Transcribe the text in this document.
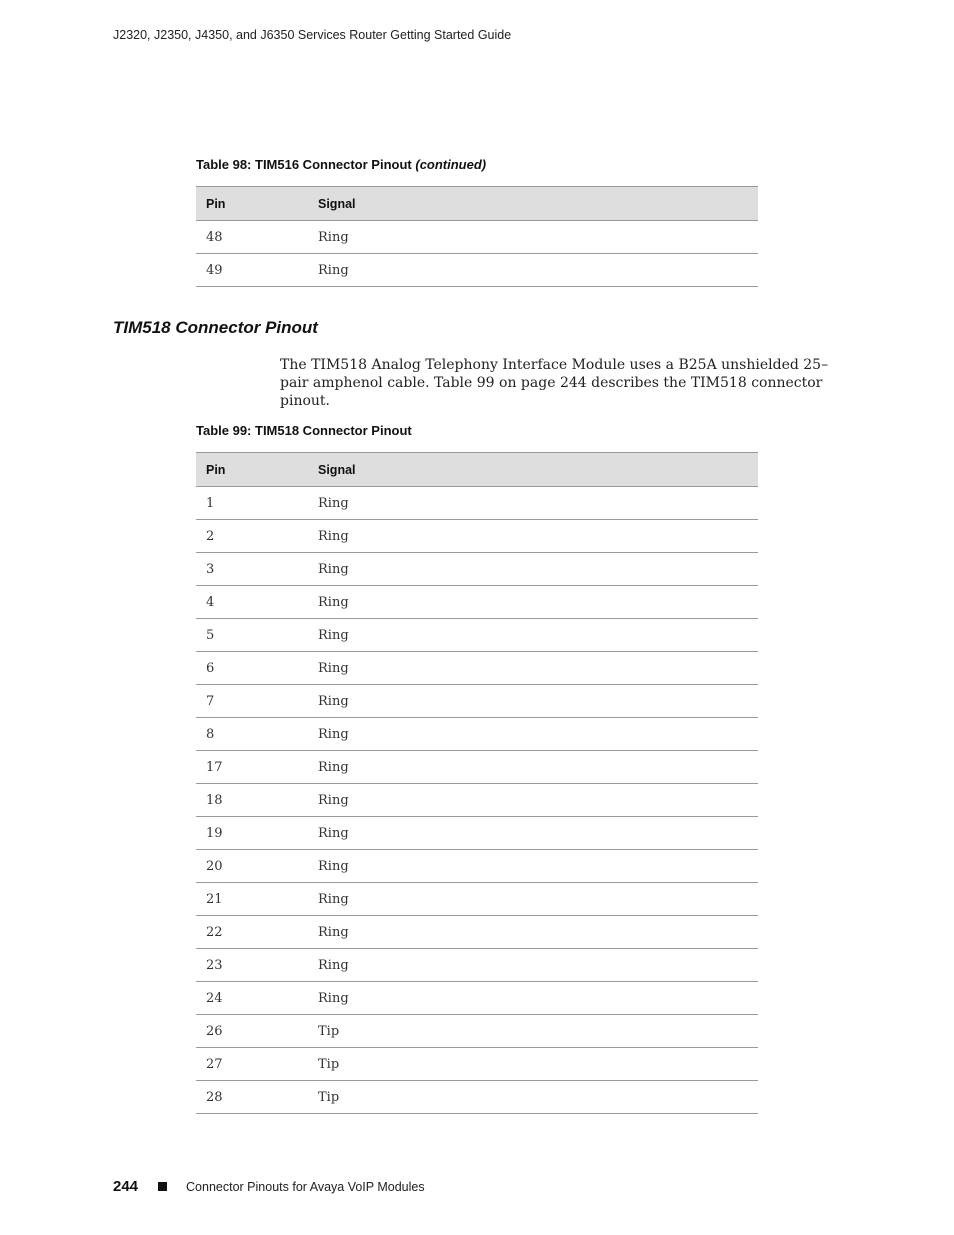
J2320, J2350, J4350, and J6350 Services Router Getting Started Guide
Table 98: TIM516 Connector Pinout (continued)
Pin	Signal
48	Ring
49	Ring
TIM518 Connector Pinout

The TIM518 Analog Telephony Interface Module uses a B25A unshielded 25–pair amphenol cable. Table 99 on page 244 describes the TIM518 connector pinout.

Table 99: TIM518 Connector Pinout
Pin	Signal
1	Ring
2	Ring
3	Ring
4	Ring
5	Ring
6	Ring
7	Ring
8	Ring
17	Ring
18	Ring
19	Ring
20	Ring
21	Ring
22	Ring
23	Ring
24	Ring
26	Tip
27	Tip
28	Tip
244	Connector Pinouts for Avaya VoIP Modules
